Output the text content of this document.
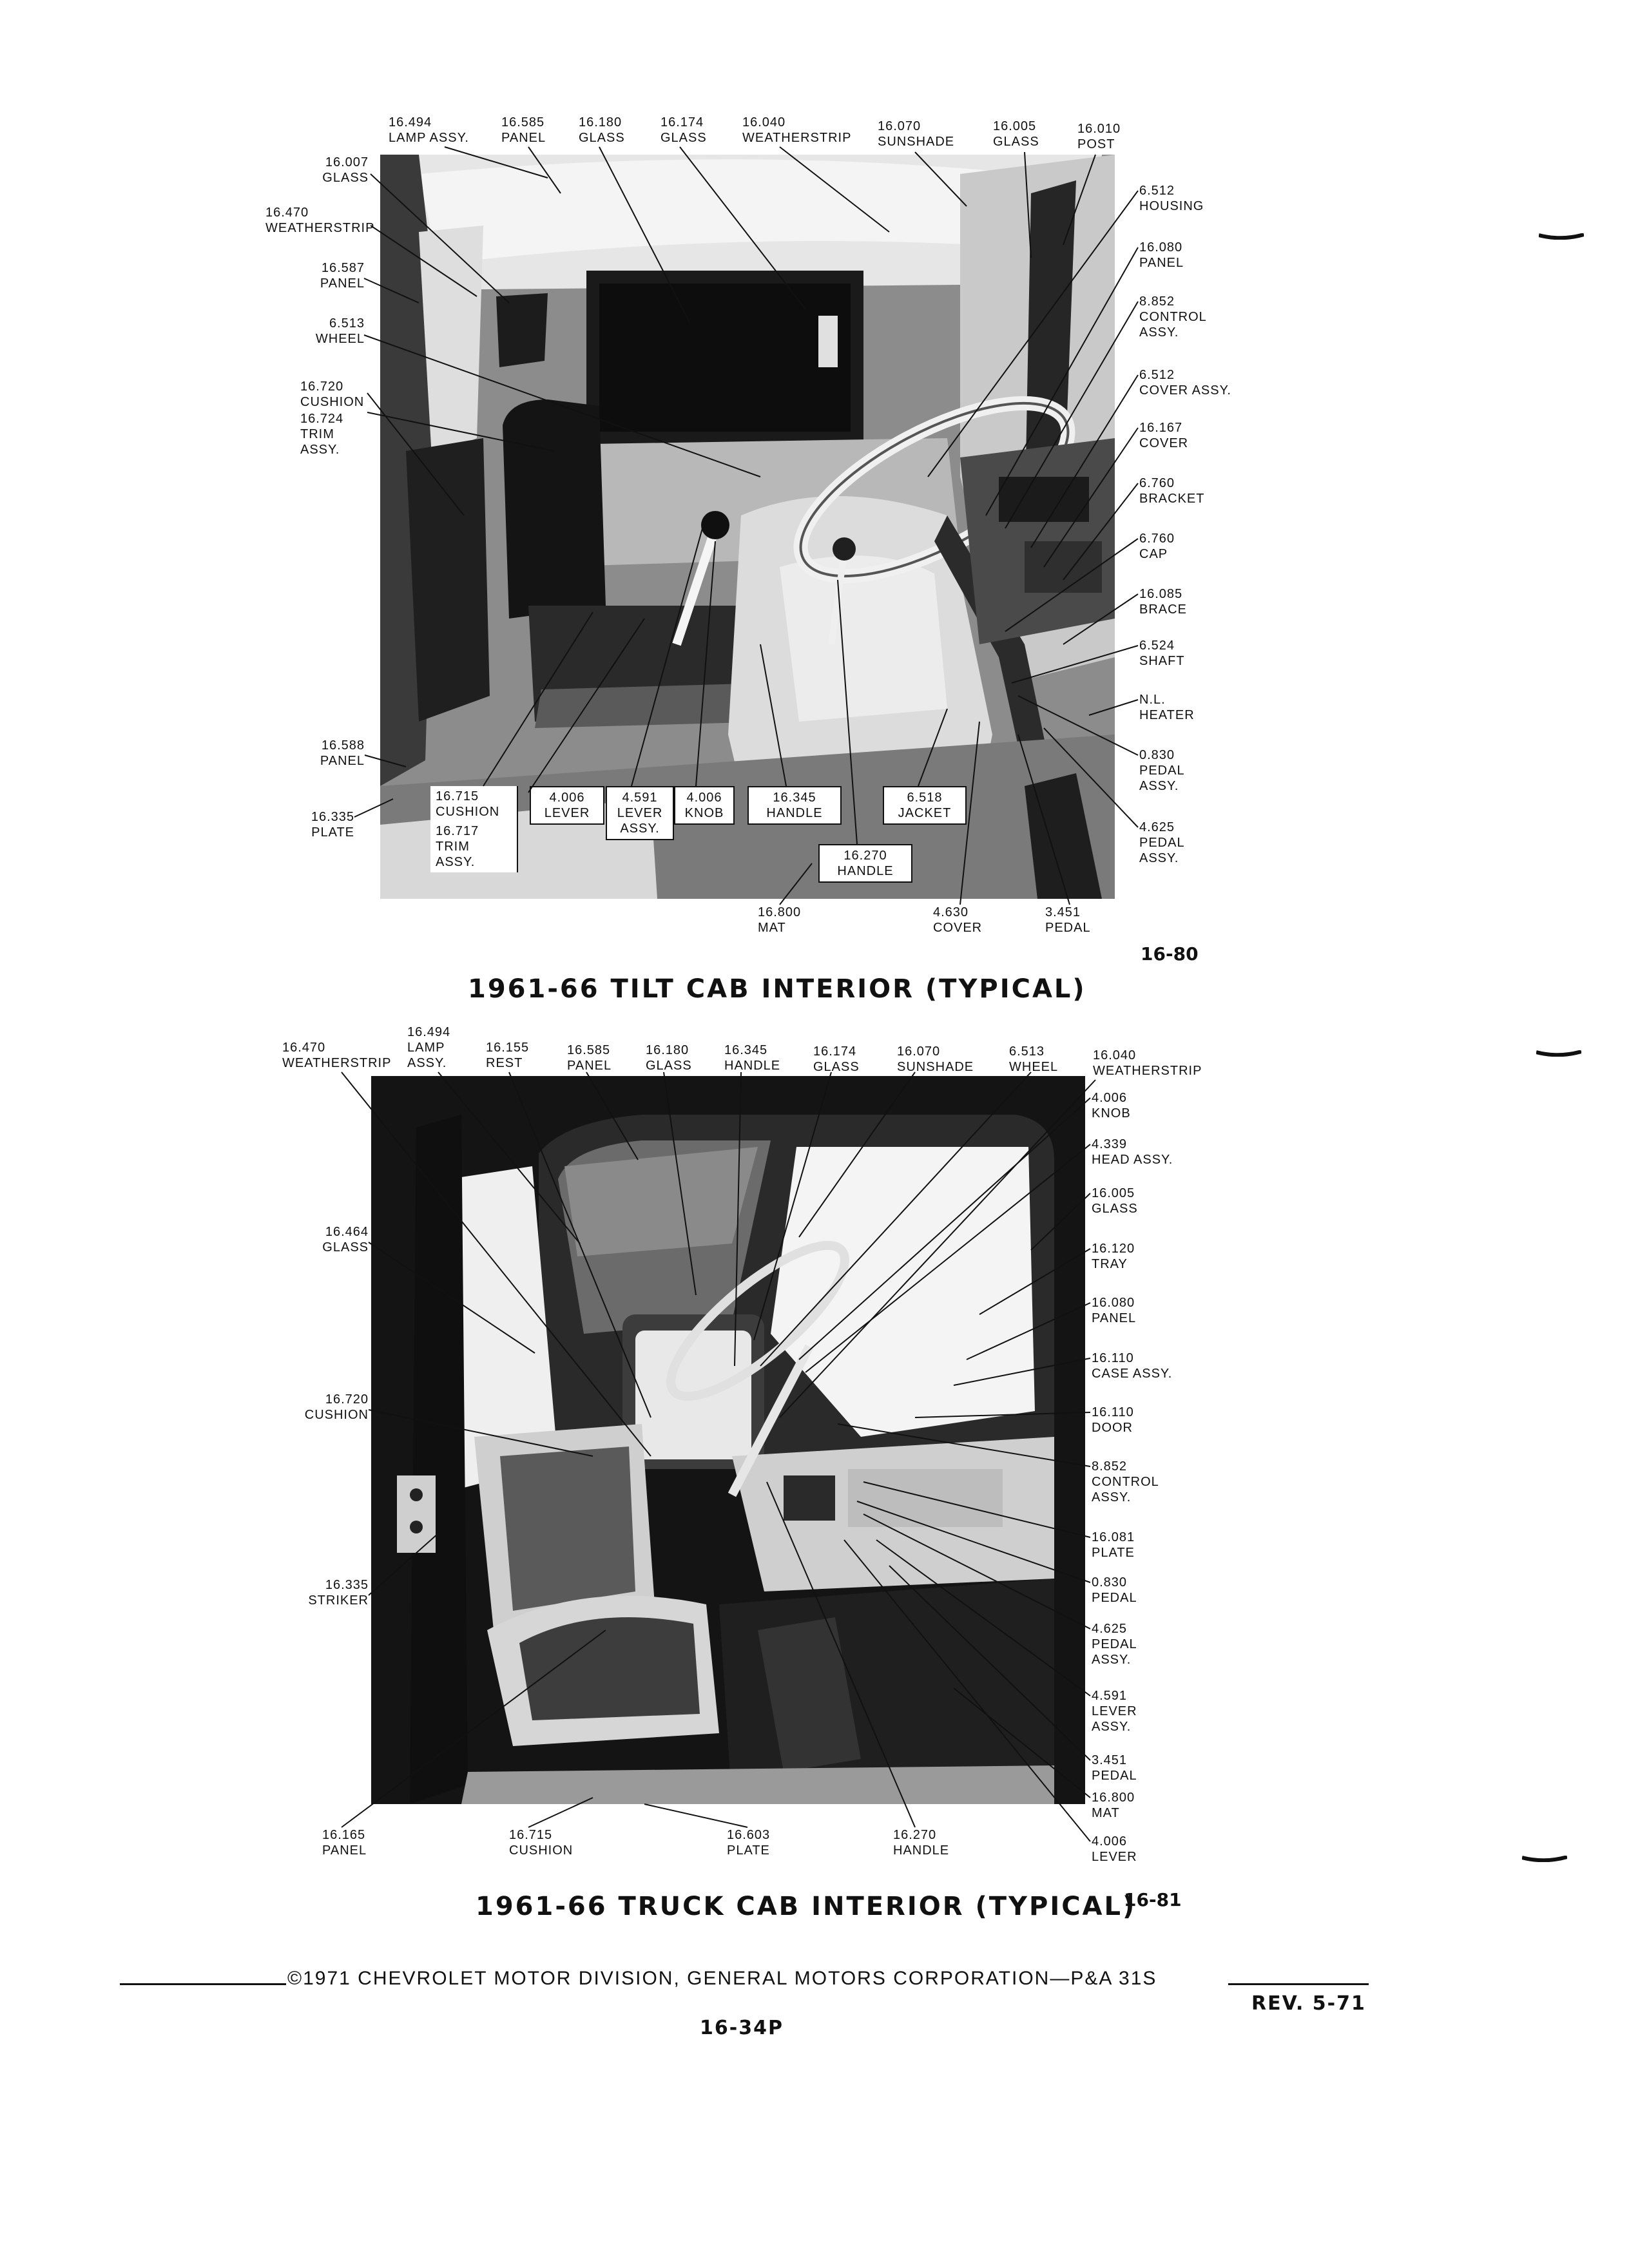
16.494
LAMP ASSY.
16.585
PANEL
16.180
GLASS
16.174
GLASS
16.040
WEATHERSTRIP
16.070
SUNSHADE
16.005
GLASS
16.010
POST
16.007
GLASS
16.470
WEATHERSTRIP
16.587
PANEL
6.513
WHEEL
16.720
CUSHION
16.724
TRIM ASSY.
16.588
PANEL
16.335
PLATE
6.512
HOUSING
16.080
PANEL
8.852
CONTROL ASSY.
6.512
COVER ASSY.
16.167
COVER
6.760
BRACKET
6.760
CAP
16.085
BRACE
6.524
SHAFT
N.L.
HEATER
0.830
PEDAL ASSY.
4.625
PEDAL ASSY.
16.715
CUSHION
16.717
TRIM ASSY.
4.006
LEVER
4.591
LEVER ASSY.
4.006
KNOB
16.345
HANDLE
6.518
JACKET
16.270
HANDLE
16.800
MAT
4.630
COVER
3.451
PEDAL
16-80
1961-66 TILT CAB INTERIOR (TYPICAL)
16.470
WEATHERSTRIP
16.494
LAMP ASSY.
16.155
REST
16.585
PANEL
16.180
GLASS
16.345
HANDLE
16.174
GLASS
16.070
SUNSHADE
6.513
WHEEL
16.040
WEATHERSTRIP
16.464
GLASS
16.720
CUSHION
16.335
STRIKER
4.006
KNOB
4.339
HEAD ASSY.
16.005
GLASS
16.120
TRAY
16.080
PANEL
16.110
CASE ASSY.
16.110
DOOR
8.852
CONTROL ASSY.
16.081
PLATE
0.830
PEDAL
4.625
PEDAL ASSY.
4.591
LEVER ASSY.
3.451
PEDAL
16.800
MAT
4.006
LEVER
16.165
PANEL
16.715
CUSHION
16.603
PLATE
16.270
HANDLE
1961-66 TRUCK CAB INTERIOR (TYPICAL)
16-81
©1971 CHEVROLET MOTOR DIVISION, GENERAL MOTORS CORPORATION—P&A 31S
REV. 5-71
16-34P
